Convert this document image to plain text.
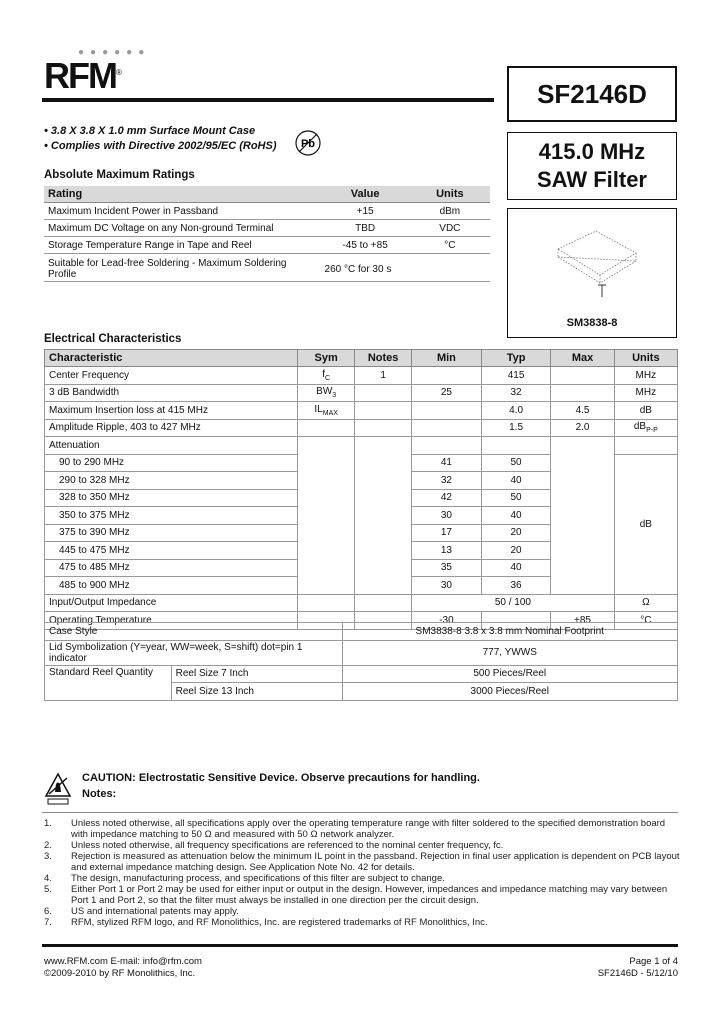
●●●●●●
RFM®
SF2146D
415.0 MHz
SAW Filter
SM3838-8
• 3.8 X 3.8 X 1.0 mm Surface Mount Case
• Complies with Directive 2002/95/EC (RoHS) Pb
Absolute Maximum Ratings
Rating	Value	Units
Maximum Incident Power in Passband	+15	dBm
Maximum DC Voltage on any Non-ground Terminal	TBD	VDC
Storage Temperature Range in Tape and Reel	-45 to +85	°C
Suitable for Lead-free Soldering - Maximum Soldering Profile	260 °C for 30 s	
Electrical Characteristics
Characteristic	Sym	Notes	Min	Typ	Max	Units
Center Frequency	$f_C$	1		415		MHz
3 dB Bandwidth	$BW_3$		25	32		MHz
Maximum Insertion loss at 415 MHz	$IL_{MAX}$			4.0	4.5	dB
Amplitude Ripple, 403 to 427 MHz				1.5	2.0	$dB_{P-P}$
Attenuation						
90 to 290 MHz			41	50		dB
290 to 328 MHz			32	40		
328 to 350 MHz			42	50		
350 to 375 MHz			30	40		
375 to 390 MHz			17	20		
445 to 475 MHz			13	20		
475 to 485 MHz			35	40		
485 to 900 MHz			30	36		
Input/Output Impedance			50 / 100			Ω
Operating Temperature			-30		+85	°C
Case Style		SM3838-8 3.8 x 3.8 mm Nominal Footprint
Lid Symbolization (Y=year, WW=week, S=shift) dot=pin 1 indicator		777, YWWS
Standard Reel Quantity	Reel Size 7 Inch	500 Pieces/Reel
	Reel Size 13 Inch	3000 Pieces/Reel
CAUTION: Electrostatic Sensitive Device. Observe precautions for handling.
Notes:
1.	Unless noted otherwise, all specifications apply over the operating temperature range with filter soldered to the specified demonstration board with impedance matching to 50 Ω and measured with 50 Ω network analyzer.
2.	Unless noted otherwise, all frequency specifications are referenced to the nominal center frequency, fc.
3.	Rejection is measured as attenuation below the minimum IL point in the passband. Rejection in final user application is dependent on PCB layout and external impedance matching design. See Application Note No. 42 for details.
4.	The design, manufacturing process, and specifications of this filter are subject to change.
5.	Either Port 1 or Port 2 may be used for either input or output in the design. However, impedances and impedance matching may vary between Port 1 and Port 2, so that the filter must always be installed in one direction per the circuit design.
6.	US and international patents may apply.
7.	RFM, stylized RFM logo, and RF Monolithics, Inc. are registered trademarks of RF Monolithics, Inc.
www.RFM.com E-mail: info@rfm.com
©2009-2010 by RF Monolithics, Inc.
Page 1 of 4
SF2146D - 5/12/10
